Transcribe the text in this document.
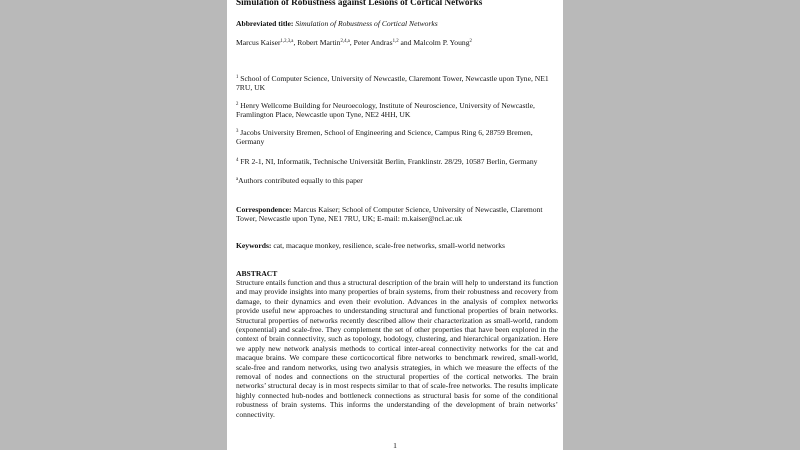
Simulation of Robustness against Lesions of Cortical Networks
Abbreviated title: Simulation of Robustness of Cortical Networks
Marcus Kaiser$^{1,2,3,a}$, Robert Martin$^{2,4,a}$, Peter Andras$^{1,2}$ and Malcolm P. Young$^2$
$^1$ School of Computer Science, University of Newcastle, Claremont Tower, Newcastle upon Tyne, NE1 7RU, UK
$^2$ Henry Wellcome Building for Neuroecology, Institute of Neuroscience, University of Newcastle, Framlington Place, Newcastle upon Tyne, NE2 4HH, UK
$^3$ Jacobs University Bremen, School of Engineering and Science, Campus Ring 6, 28759 Bremen, Germany
$^4$ FR 2-1, NI, Informatik, Technische Universität Berlin, Franklinstr. 28/29, 10587 Berlin, Germany
$^a$Authors contributed equally to this paper
Correspondence: Marcus Kaiser; School of Computer Science, University of Newcastle, Claremont Tower, Newcastle upon Tyne, NE1 7RU, UK; E-mail: m.kaiser@ncl.ac.uk
Keywords: cat, macaque monkey, resilience, scale-free networks, small-world networks
ABSTRACT
Structure entails function and thus a structural description of the brain will help to understand its function and may provide insights into many properties of brain systems, from their robustness and recovery from damage, to their dynamics and even their evolution. Advances in the analysis of complex networks provide useful new approaches to understanding structural and functional properties of brain networks. Structural properties of networks recently described allow their characterization as small-world, random (exponential) and scale-free. They complement the set of other properties that have been explored in the context of brain connectivity, such as topology, hodology, clustering, and hierarchical organization. Here we apply new network analysis methods to cortical inter-areal connectivity networks for the cat and macaque brains. We compare these corticocortical fibre networks to benchmark rewired, small-world, scale-free and random networks, using two analysis strategies, in which we measure the effects of the removal of nodes and connections on the structural properties of the cortical networks. The brain networks’ structural decay is in most respects similar to that of scale-free networks. The results implicate highly connected hub-nodes and bottleneck connections as structural basis for some of the conditional robustness of brain systems. This informs the understanding of the development of brain networks’ connectivity.
1
